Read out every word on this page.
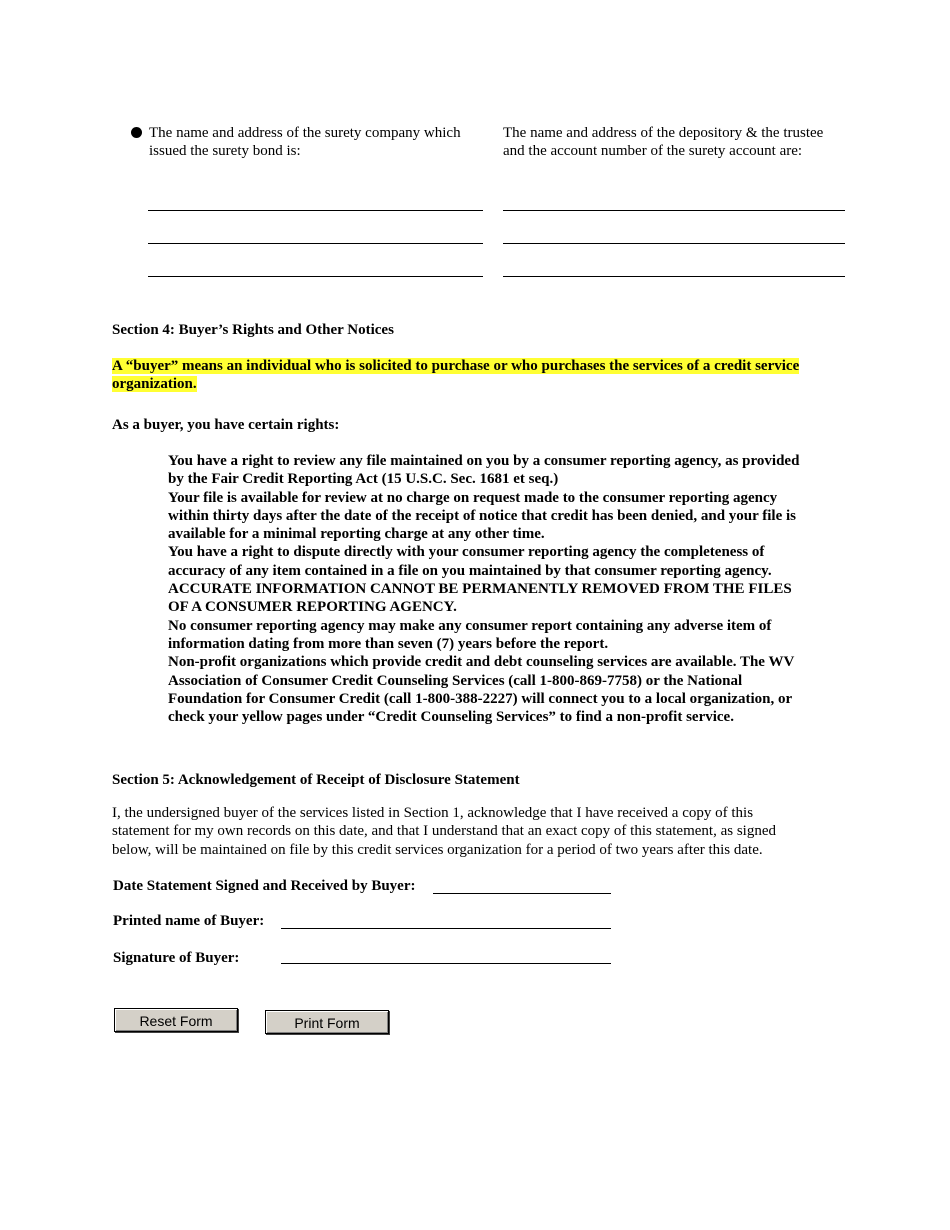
The name and address of the surety company which

issued the surety bond is:

The name and address of the depository & the trustee

and the account number of the surety account are:

Section 4: Buyer’s Rights and Other Notices

A “buyer” means an individual who is solicited to purchase or who purchases the services of a credit service
organization.

As a buyer, you have certain rights:

You have a right to review any file maintained on you by a consumer reporting agency, as provided
by the Fair Credit Reporting Act (15 U.S.C. Sec. 1681 et seq.)
Your file is available for review at no charge on request made to the consumer reporting agency
within thirty days after the date of the receipt of notice that credit has been denied, and your file is
available for a minimal reporting charge at any other time.
You have a right to dispute directly with your consumer reporting agency the completeness of
accuracy of any item contained in a file on you maintained by that consumer reporting agency.
ACCURATE INFORMATION CANNOT BE PERMANENTLY REMOVED FROM THE FILES
OF A CONSUMER REPORTING AGENCY.
No consumer reporting agency may make any consumer report containing any adverse item of
information dating from more than seven (7) years before the report.
Non-profit organizations which provide credit and debt counseling services are available. The WV
Association of Consumer Credit Counseling Services (call 1-800-869-7758) or the National
Foundation for Consumer Credit (call 1-800-388-2227) will connect you to a local organization, or
check your yellow pages under “Credit Counseling Services” to find a non-profit service.

Section 5: Acknowledgement of Receipt of Disclosure Statement

I, the undersigned buyer of the services listed in Section 1, acknowledge that I have received a copy of this

statement for my own records on this date, and that I understand that an exact copy of this statement, as signed

below, will be maintained on file by this credit services organization for a period of two years after this date.

Date Statement Signed and Received by Buyer:

Printed name of Buyer:

Signature of Buyer:

Reset Form	Print Form
